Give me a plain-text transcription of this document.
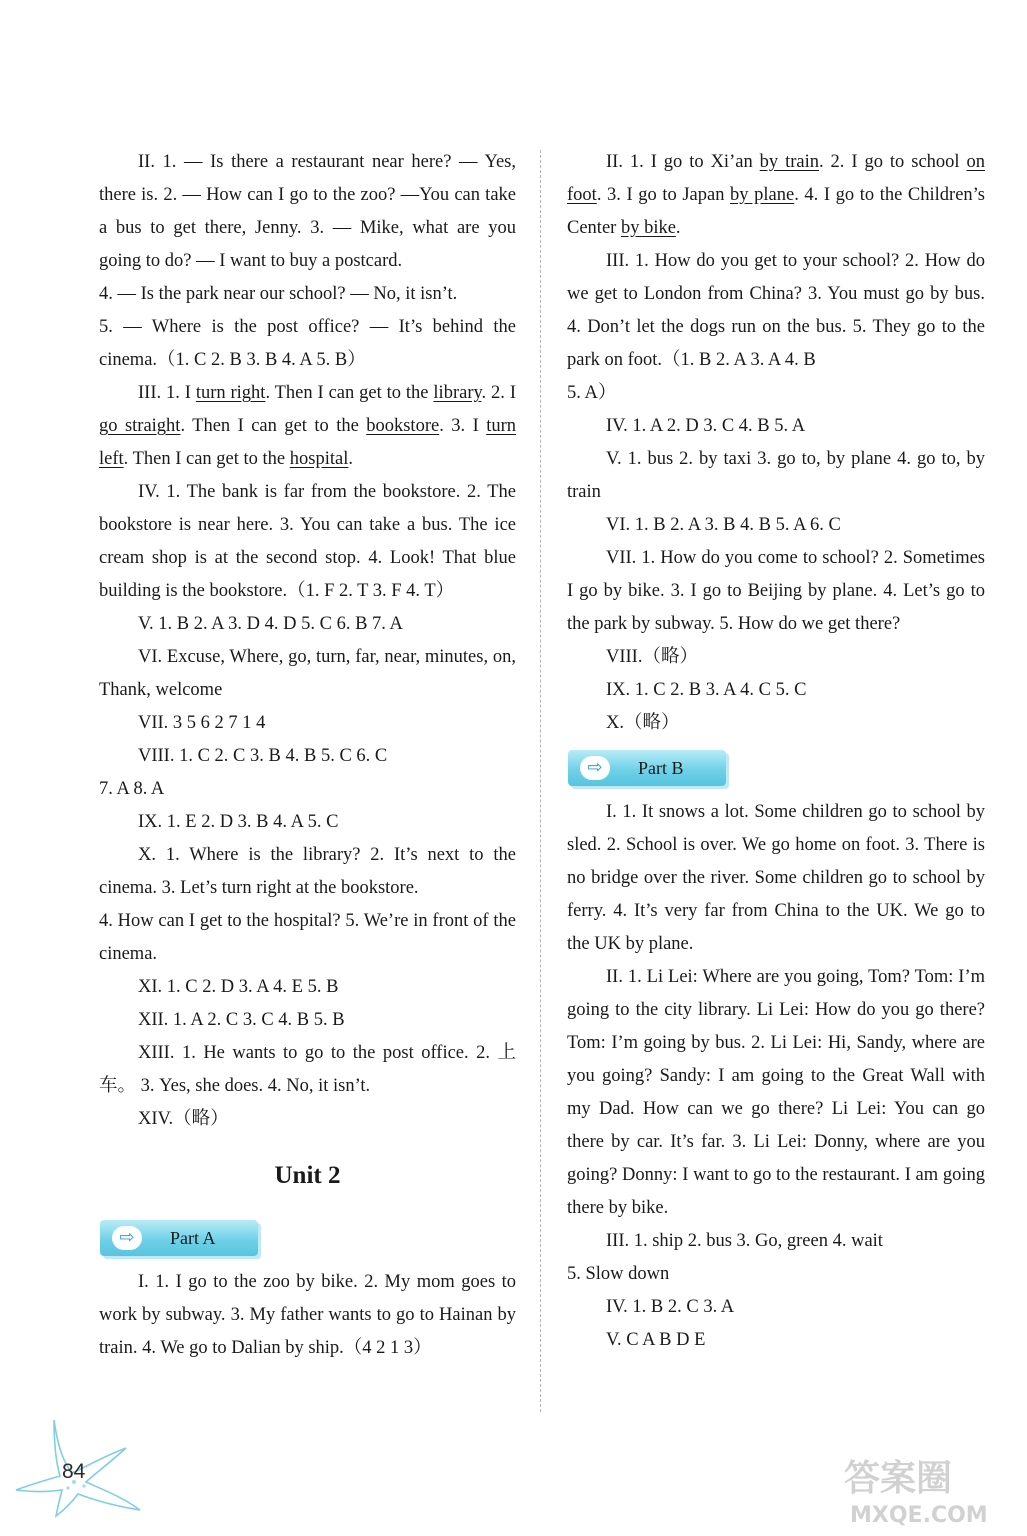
II. 1. — Is there a restaurant near here? — Yes, there is. 2. — How can I go to the zoo? —You can take a bus to get there, Jenny. 3. — Mike, what are you going to do? — I want to buy a postcard.

4. — Is the park near our school? — No, it isn’t.

5. — Where is the post office? — It’s behind the cinema.（1. C 2. B 3. B 4. A 5. B）

III. 1. I turn right. Then I can get to the library. 2. I go straight. Then I can get to the bookstore. 3. I turn left. Then I can get to the hospital.

IV. 1. The bank is far from the bookstore. 2. The bookstore is near here. 3. You can take a bus. The ice cream shop is at the second stop. 4. Look! That blue building is the bookstore.（1. F 2. T 3. F 4. T）

V. 1. B 2. A 3. D 4. D 5. C 6. B 7. A

VI. Excuse, Where, go, turn, far, near, minutes, on, Thank, welcome

VII. 3 5 6 2 7 1 4

VIII. 1. C 2. C 3. B 4. B 5. C 6. C

7. A 8. A

IX. 1. E 2. D 3. B 4. A 5. C

X. 1. Where is the library? 2. It’s next to the cinema. 3. Let’s turn right at the bookstore.

4. How can I get to the hospital? 5. We’re in front of the cinema.

XI. 1. C 2. D 3. A 4. E 5. B

XII. 1. A 2. C 3. C 4. B 5. B

XIII. 1. He wants to go to the post office. 2. 上车。 3. Yes, she does. 4. No, it isn’t.

XIV.（略）

Unit 2
⇨	Part A

I. 1. I go to the zoo by bike. 2. My mom goes to work by subway. 3. My father wants to go to Hainan by train. 4. We go to Dalian by ship.（4 2 1 3）

II. 1. I go to Xi’an by train. 2. I go to school on foot. 3. I go to Japan by plane. 4. I go to the Children’s Center by bike.

III. 1. How do you get to your school? 2. How do we get to London from China? 3. You must go by bus. 4. Don’t let the dogs run on the bus. 5. They go to the park on foot.（1. B 2. A 3. A 4. B

5. A）

IV. 1. A 2. D 3. C 4. B 5. A

V. 1. bus 2. by taxi 3. go to, by plane 4. go to, by train

VI. 1. B 2. A 3. B 4. B 5. A 6. C

VII. 1. How do you come to school? 2. Sometimes I go by bike. 3. I go to Beijing by plane. 4. Let’s go to the park by subway. 5. How do we get there?

VIII.（略）

IX. 1. C 2. B 3. A 4. C 5. C

X.（略）

⇨	Part B

I. 1. It snows a lot. Some children go to school by sled. 2. School is over. We go home on foot. 3. There is no bridge over the river. Some children go to school by ferry. 4. It’s very far from China to the UK. We go to the UK by plane.

II. 1. Li Lei: Where are you going, Tom? Tom: I’m going to the city library. Li Lei: How do you go there? Tom: I’m going by bus. 2. Li Lei: Hi, Sandy, where are you going? Sandy: I am going to the Great Wall with my Dad. How can we go there? Li Lei: You can go there by car. It’s far. 3. Li Lei: Donny, where are you going? Donny: I want to go to the restaurant. I am going there by bike.

III. 1. ship 2. bus 3. Go, green 4. wait

5. Slow down

IV. 1. B 2. C 3. A

V. C A B D E

84	答案圈
MXQE.COM
